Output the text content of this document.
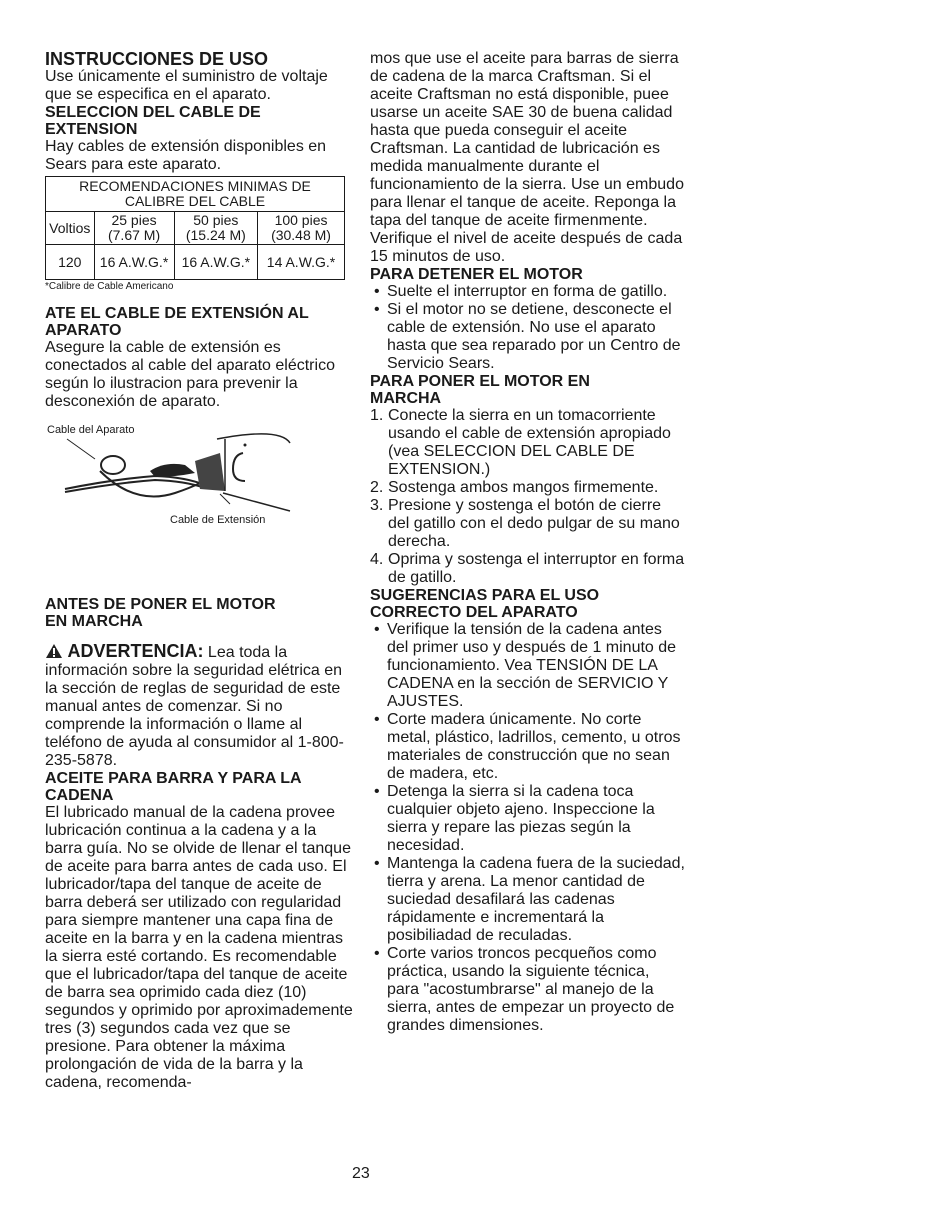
INSTRUCCIONES DE USO

Use únicamente el suministro de voltaje que se especifica en el aparato.

SELECCION DEL CABLE DE EXTENSION

Hay cables de extensión disponibles en Sears para este aparato.

RECOMENDACIONES MINIMAS DE CALIBRE DEL CABLE			
Voltios	25 pies (7.67 M)	50 pies (15.24 M)	100 pies (30.48 M)
120	16 A.W.G.*	16 A.W.G.*	14 A.W.G.*
*Calibre de Cable Americano
ATE EL CABLE DE EXTENSIÓN AL APARATO

Asegure la cable de extensión es conectados al cable del aparato eléctrico según lo ilustracion para prevenir la desconexión de aparato.

Cable del Aparato
Cable de Extensión
ANTES DE PONER EL MOTOR EN MARCHA

ADVERTENCIA: Lea toda la información sobre la seguridad elétrica en la sección de reglas de seguridad de este manual antes de comenzar. Si no comprende la información o llame al teléfono de ayuda al consumidor al 1-800-235-5878.

ACEITE PARA BARRA Y PARA LA CADENA

El lubricado manual de la cadena provee lubricación continua a la cadena y a la barra guía. No se olvide de llenar el tanque de aceite para barra antes de cada uso. El lubricador/tapa del tanque de aceite de barra deberá ser utilizado con regularidad para siempre mantener una capa fina de aceite en la barra y en la cadena mientras la sierra esté cortando. Es recomendable que el lubricador/tapa del tanque de aceite de barra sea oprimido cada diez (10) segundos y oprimido por aproximademente tres (3) segundos cada vez que se presione. Para obtener la máxima prolongación de vida de la barra y la cadena, recomenda-

mos que use el aceite para barras de sierra de cadena de la marca Craftsman. Si el aceite Craftsman no está disponible, puee usarse un aceite SAE 30 de buena calidad hasta que pueda conseguir el aceite Craftsman. La cantidad de lubricación es medida manualmente durante el funcionamiento de la sierra. Use un embudo para llenar el tanque de aceite. Reponga la tapa del tanque de aceite firmenmente. Verifique el nivel de aceite después de cada 15 minutos de uso.

PARA DETENER EL MOTOR
• Suelte el interruptor en forma de gatillo.
• Si el motor no se detiene, desconecte el cable de extensión. No use el aparato hasta que sea reparado por un Centro de Servicio Sears.
PARA PONER EL MOTOR EN MARCHA
1. Conecte la sierra en un tomacorriente usando el cable de extensión apropiado (vea SELECCION DEL CABLE DE EXTENSION.)
2. Sostenga ambos mangos firmemente.
3. Presione y sostenga el botón de cierre del gatillo con el dedo pulgar de su mano derecha.
4. Oprima y sostenga el interruptor en forma de gatillo.
SUGERENCIAS PARA EL USO CORRECTO DEL APARATO
• Verifique la tensión de la cadena antes del primer uso y después de 1 minuto de funcionamiento. Vea TENSIÓN DE LA CADENA en la sección de SERVICIO Y AJUSTES.
• Corte madera únicamente. No corte metal, plástico, ladrillos, cemento, u otros materiales de construcción que no sean de madera, etc.
• Detenga la sierra si la cadena toca cualquier objeto ajeno. Inspeccione la sierra y repare las piezas según la necesidad.
• Mantenga la cadena fuera de la suciedad, tierra y arena. La menor cantidad de suciedad desafilará las cadenas rápidamente e incrementará la posibiliadad de reculadas.
• Corte varios troncos pecqueños como práctica, usando la siguiente técnica, para "acostumbrarse" al manejo de la sierra, antes de empezar un proyecto de grandes dimensiones.
23
